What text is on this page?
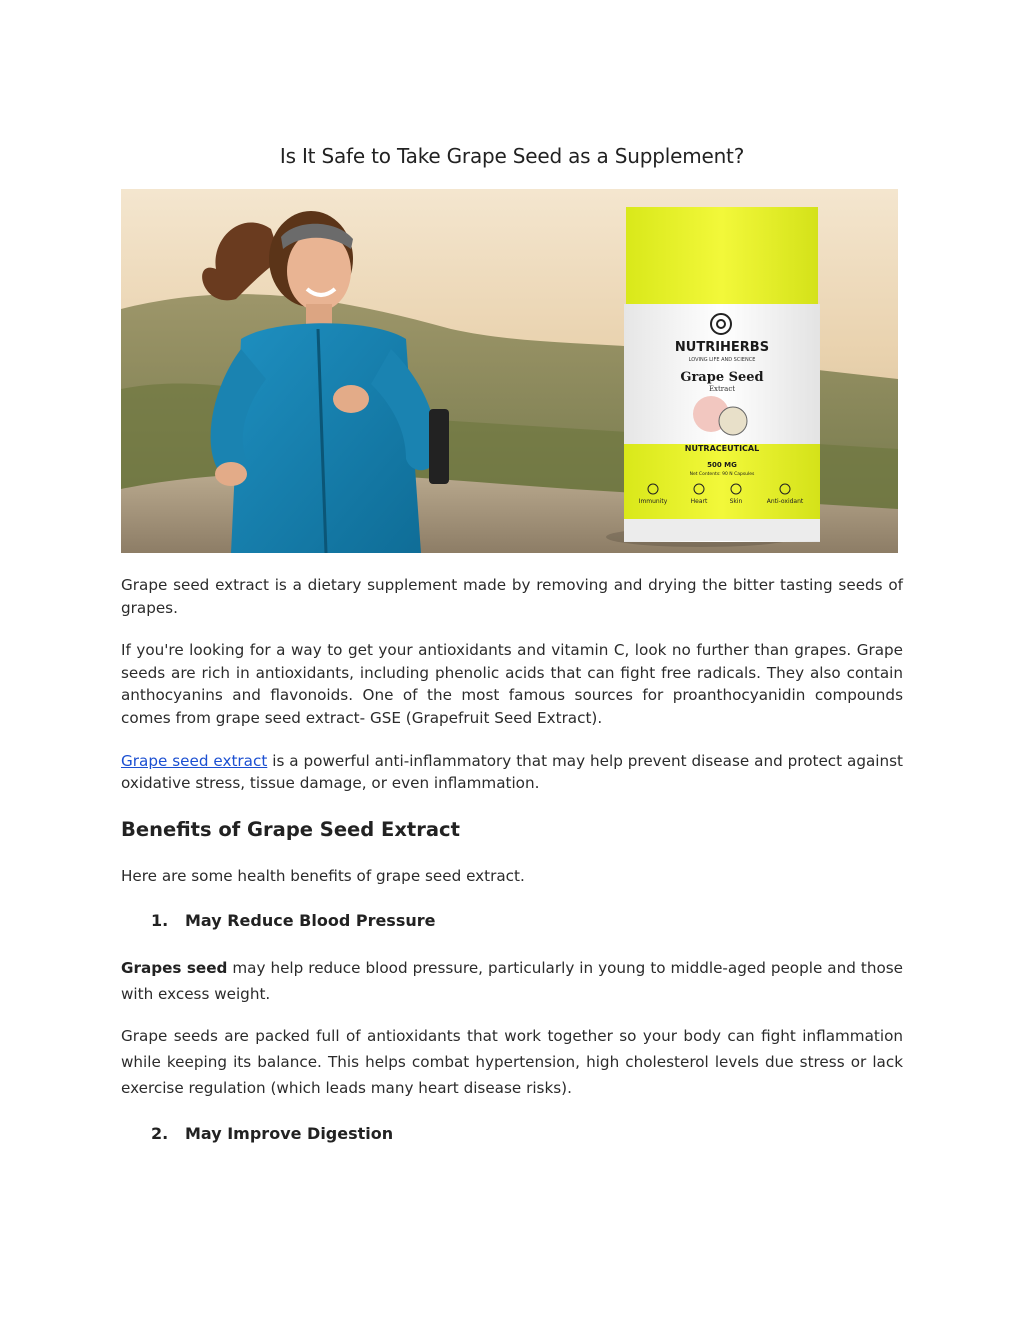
Is It Safe to Take Grape Seed as a Supplement?
NUTRIHERBS
LOVING LIFE AND SCIENCE
Grape Seed
Extract
NUTRACEUTICAL
500 MG
Net Contents: 90 N Capsules
Immunity	Heart	Skin	Anti-oxidant

Grape seed extract is a dietary supplement made by removing and drying the bitter tasting seeds of grapes.

If you're looking for a way to get your antioxidants and vitamin C, look no further than grapes. Grape seeds are rich in antioxidants, including phenolic acids that can fight free radicals. They also contain anthocyanins and flavonoids. One of the most famous sources for proanthocyanidin compounds comes from grape seed extract- GSE (Grapefruit Seed Extract).

Grape seed extract is a powerful anti-inflammatory that may help prevent disease and protect against oxidative stress, tissue damage, or even inflammation.

Benefits of Grape Seed Extract

Here are some health benefits of grape seed extract.

1.	May Reduce Blood Pressure

Grapes seed may help reduce blood pressure, particularly in young to middle-aged people and those with excess weight.

Grape seeds are packed full of antioxidants that work together so your body can fight inflammation while keeping its balance. This helps combat hypertension, high cholesterol levels due stress or lack exercise regulation (which leads many heart disease risks).

2.	May Improve Digestion
